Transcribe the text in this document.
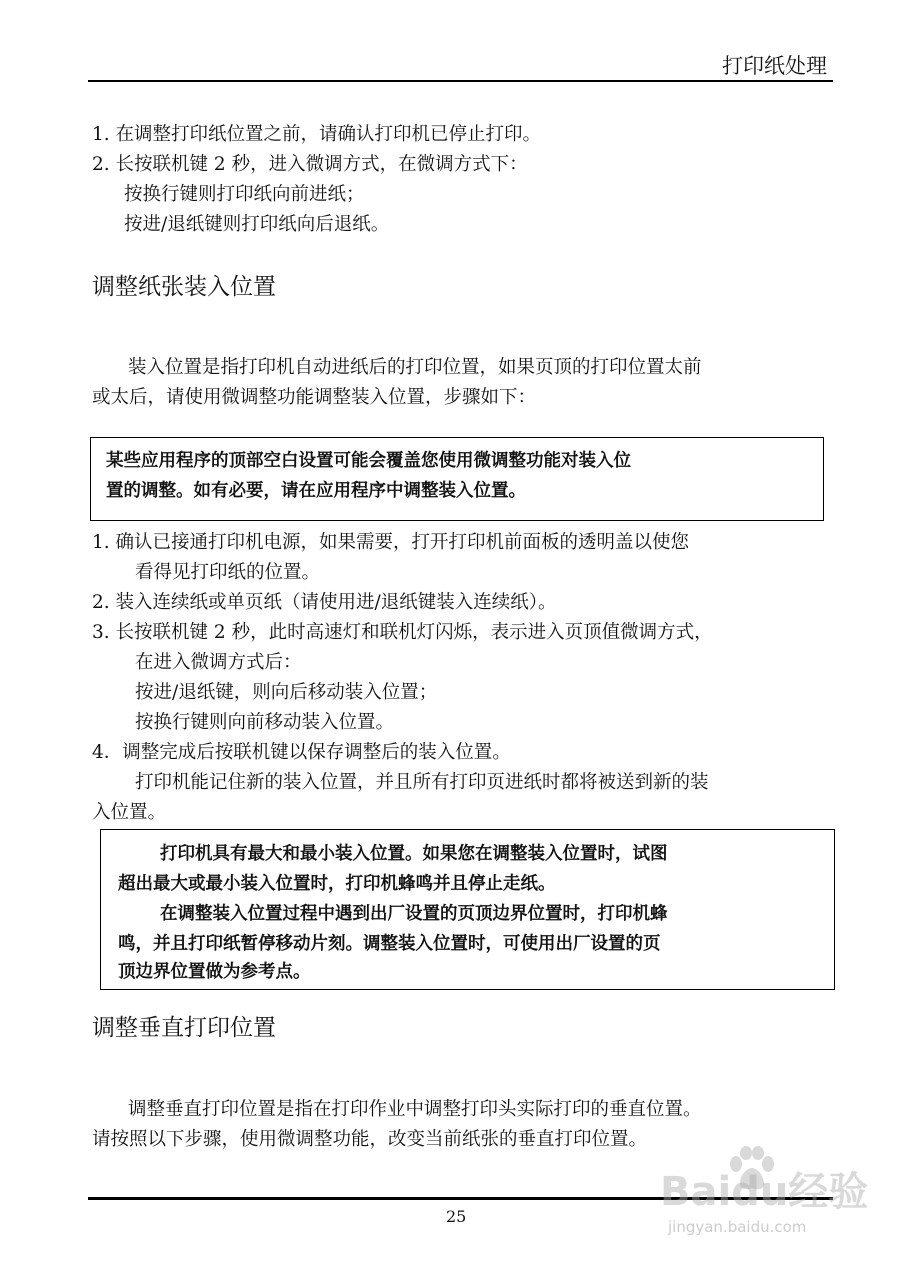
打印纸处理
1. 在调整打印纸位置之前，请确认打印机已停止打印。
2. 长按联机键 2 秒，进入微调方式，在微调方式下：
按换行键则打印纸向前进纸；
按进/退纸键则打印纸向后退纸。
调整纸张装入位置
装入位置是指打印机自动进纸后的打印位置，如果页顶的打印位置太前
或太后，请使用微调整功能调整装入位置，步骤如下：
某些应用程序的顶部空白设置可能会覆盖您使用微调整功能对装入位
置的调整。如有必要，请在应用程序中调整装入位置。
1. 确认已接通打印机电源，如果需要，打开打印机前面板的透明盖以使您
看得见打印纸的位置。
2. 装入连续纸或单页纸（请使用进/退纸键装入连续纸）。
3. 长按联机键 2 秒，此时高速灯和联机灯闪烁，表示进入页顶值微调方式，
在进入微调方式后：
按进/退纸键，则向后移动装入位置；
按换行键则向前移动装入位置。
4．调整完成后按联机键以保存调整后的装入位置。
打印机能记住新的装入位置，并且所有打印页进纸时都将被送到新的装
入位置。
打印机具有最大和最小装入位置。如果您在调整装入位置时，试图
超出最大或最小装入位置时，打印机蜂鸣并且停止走纸。
在调整装入位置过程中遇到出厂设置的页顶边界位置时，打印机蜂
鸣，并且打印纸暂停移动片刻。调整装入位置时，可使用出厂设置的页
顶边界位置做为参考点。
调整垂直打印位置
调整垂直打印位置是指在打印作业中调整打印头实际打印的垂直位置。
请按照以下步骤，使用微调整功能，改变当前纸张的垂直打印位置。
25
Baidu经验
jingyan.baidu.com
